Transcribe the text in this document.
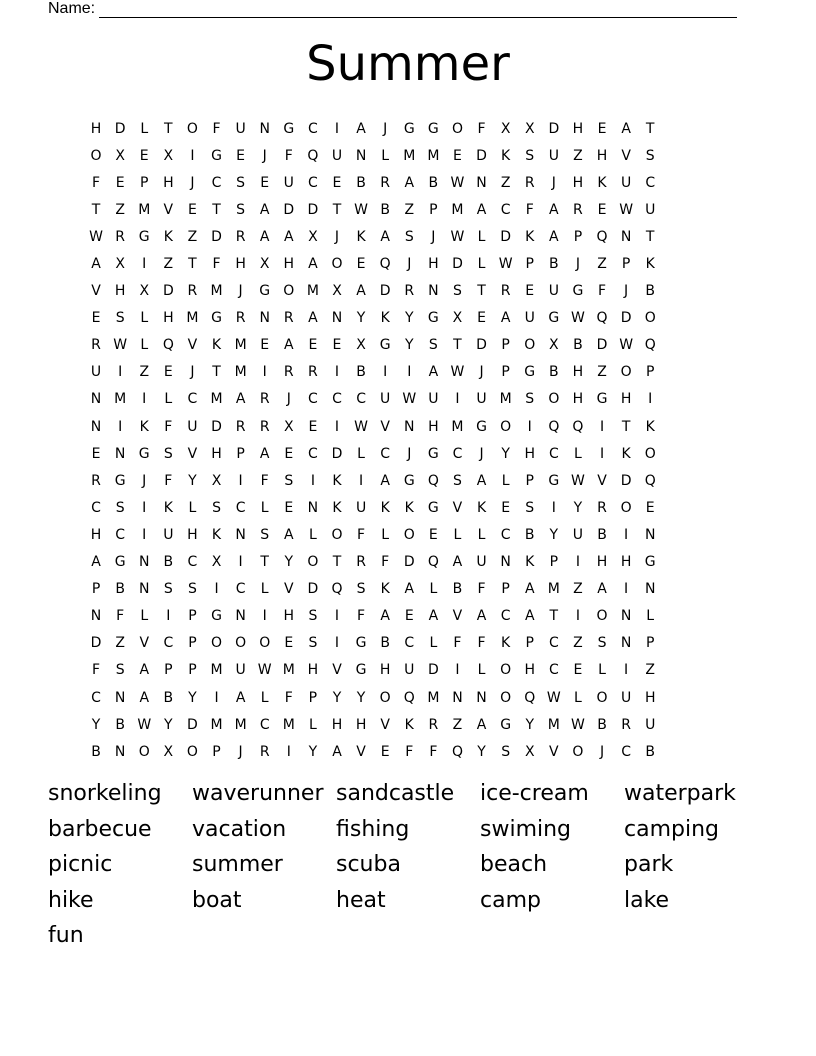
Name:
Summer
H D	L	T	O	F	U N G C	I	A	J	G G O	F	X	X D H	E	A	T
O X	E	X	I	G	E	J	F	Q U N	L	M M E	D	K	S	U	Z	H	V	S
F	E	P	H	J	C	S	E	U	C	E	B	R	A	B W N	Z	R	J	H	K	U	C
T	Z M V	E	T	S	A D D	T W B	Z	P M A	C	F	A	R	E W U
W R G	K	Z D R	A	A	X	J	K	A	S	J	W L	D	K	A	P	Q N	T
A	X	I	Z	T	F	H	X	H	A O	E	Q	J	H D	L W P	B	J	Z	P	K
V	H	X D R M	J	G O M X	A D R N	S	T	R	E	U G	F	J	B
E	S	L	H M G R N R	A	N	Y	K	Y	G X	E	A	U G W Q D O
R W L	Q V	K M E	A	E	E	X G	Y	S	T	D	P	O X	B D W Q
U	I	Z	E	J	T M	I	R	R	I	B	I	I	A W	J	P	G B	H	Z O	P
N M	I	L	C M A	R	J	C	C	C	U W U	I	U M S	O H G H	I
N	I	K	F	U D R	R	X	E	I	W V	N H M G O	I	Q Q	I	T	K
E	N G	S	V	H	P	A	E	C D	L	C	J	G C	J	Y	H C	L	I	K O
R G	J	F	Y	X	I	F	S	I	K	I	A G Q	S	A	L	P	G W V D Q
C	S	I	K	L	S	C	L	E	N	K	U	K	K	G V	K	E	S	I	Y	R O	E
H C	I	U H	K	N	S	A	L	O	F	L	O	E	L	L	C	B	Y	U	B	I	N
A G N	B	C	X	I	T	Y	O	T	R	F	D Q A	U N	K	P	I	H H G
P	B	N	S	S	I	C	L	V D Q	S	K	A	L	B	F	P	A M Z	A	I	N
N	F	L	I	P	G N	I	H	S	I	F	A	E	A	V	A	C	A	T	I	O N	L
D Z	V	C	P	O O O	E	S	I	G B	C	L	F	F	K	P	C	Z	S	N	P
F	S	A	P	P M U W M H	V G H U D	I	L	O H C	E	L	I	Z
C N	A	B	Y	I	A	L	F	P	Y	Y	O Q M N N O Q W L	O U H
Y	B W Y	D M M C M	L	H H	V	K	R	Z	A G	Y M W B	R	U
B	N O X O	P	J	R	I	Y	A	V	E	F	F	Q	Y	S	X	V O	J	C	B
snorkeling	waverunner sandcastle	ice-cream	waterpark
barbecue	vacation	fishing	swiming	camping
picnic	summer	scuba	beach	park
hike	boat	heat	camp	lake
fun
